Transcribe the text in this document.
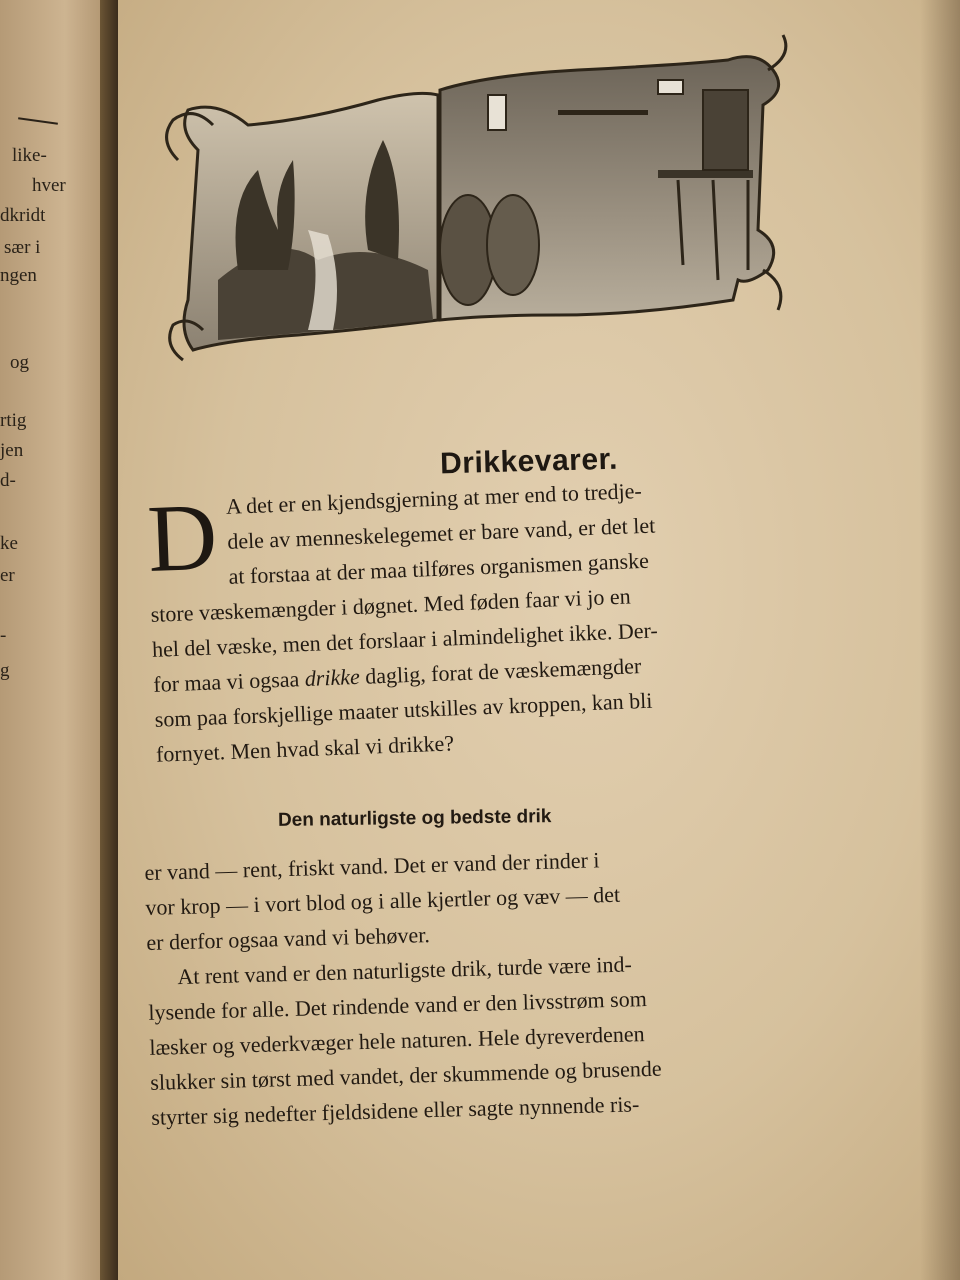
like-
hver
dkridt
sær i
ngen
og
rtig
jen
d-
ke
er
-
g
Drikkevarer.
D A det er en kjendsgjerning at mer end to tredje-
dele av menneskelegemet er bare vand, er det let
at forstaa at der maa tilføres organismen ganske
store væskemængder i døgnet. Med føden faar vi jo en
hel del væske, men det forslaar i almindelighet ikke. Der-
for maa vi ogsaa drikke daglig, forat de væskemængder
som paa forskjellige maater utskilles av kroppen, kan bli
fornyet. Men hvad skal vi drikke?
Den naturligste og bedste drik
er vand — rent, friskt vand. Det er vand der rinder i
vor krop — i vort blod og i alle kjertler og væv — det
er derfor ogsaa vand vi behøver.
At rent vand er den naturligste drik, turde være ind-
lysende for alle. Det rindende vand er den livsstrøm som
læsker og vederkvæger hele naturen. Hele dyreverdenen
slukker sin tørst med vandet, der skummende og brusende
styrter sig nedefter fjeldsidene eller sagte nynnende ris-
